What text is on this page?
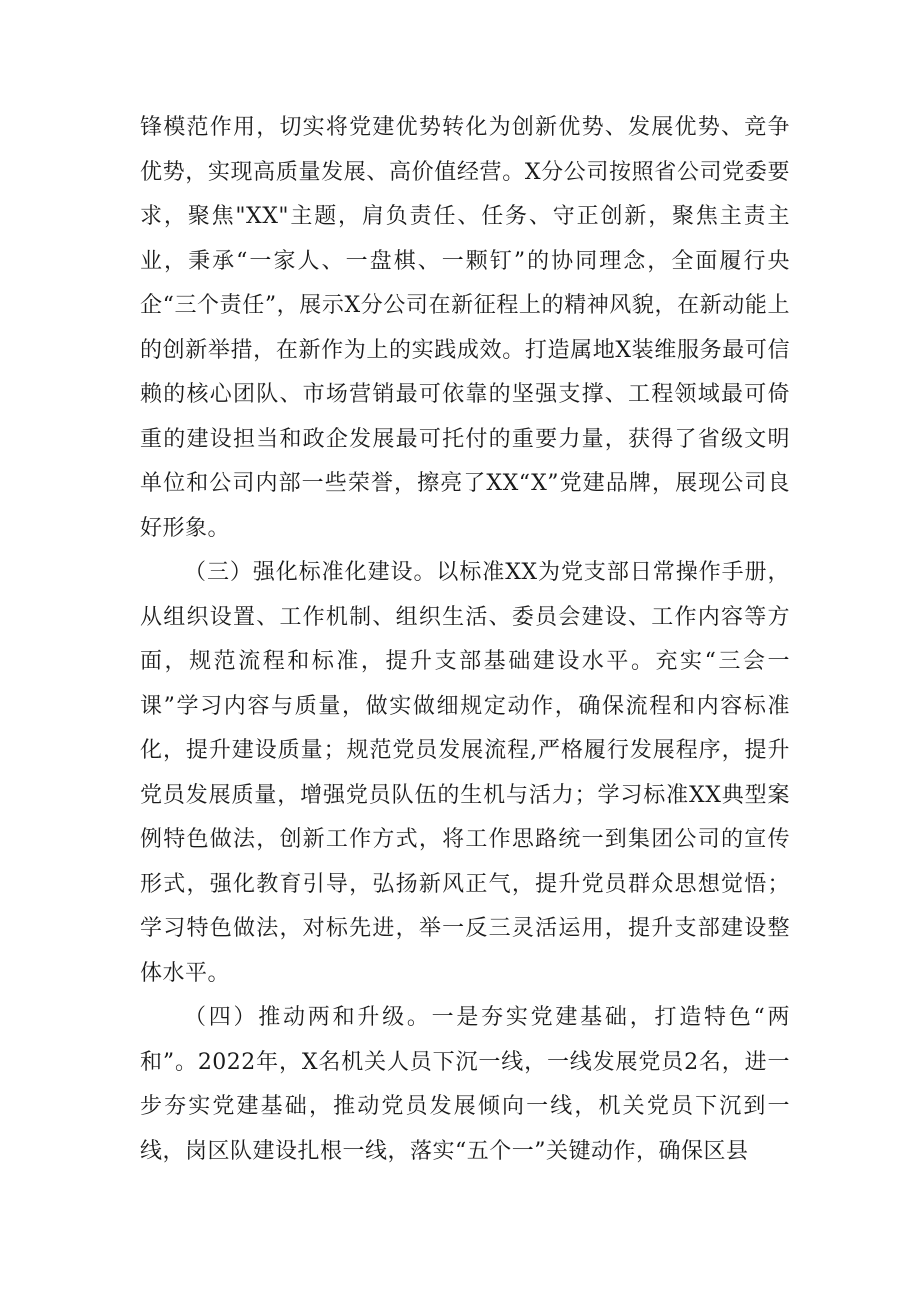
锋模范作用，切实将党建优势转化为创新优势、发展优势、竞争优势，实现高质量发展、高价值经营。X分公司按照省公司党委要求，聚焦"XX"主题，肩负责任、任务、守正创新，聚焦主责主业，秉承“一家人、一盘棋、一颗钉”的协同理念，全面履行央企“三个责任”，展示X分公司在新征程上的精神风貌，在新动能上的创新举措，在新作为上的实践成效。打造属地X装维服务最可信赖的核心团队、市场营销最可依靠的坚强支撑、工程领域最可倚重的建设担当和政企发展最可托付的重要力量，获得了省级文明单位和公司内部一些荣誉，擦亮了XX“X”党建品牌，展现公司良好形象。

（三）强化标准化建设。以标准XX为党支部日常操作手册，从组织设置、工作机制、组织生活、委员会建设、工作内容等方面，规范流程和标准，提升支部基础建设水平。充实“三会一课”学习内容与质量，做实做细规定动作，确保流程和内容标准化，提升建设质量；规范党员发展流程,严格履行发展程序，提升党员发展质量，增强党员队伍的生机与活力；学习标准XX典型案例特色做法，创新工作方式，将工作思路统一到集团公司的宣传形式，强化教育引导，弘扬新风正气，提升党员群众思想觉悟；学习特色做法，对标先进，举一反三灵活运用，提升支部建设整体水平。

（四）推动两和升级。一是夯实党建基础，打造特色“两和”。2022年，X名机关人员下沉一线，一线发展党员2名，进一步夯实党建基础，推动党员发展倾向一线，机关党员下沉到一线，岗区队建设扎根一线，落实“五个一”关键动作，确保区县
